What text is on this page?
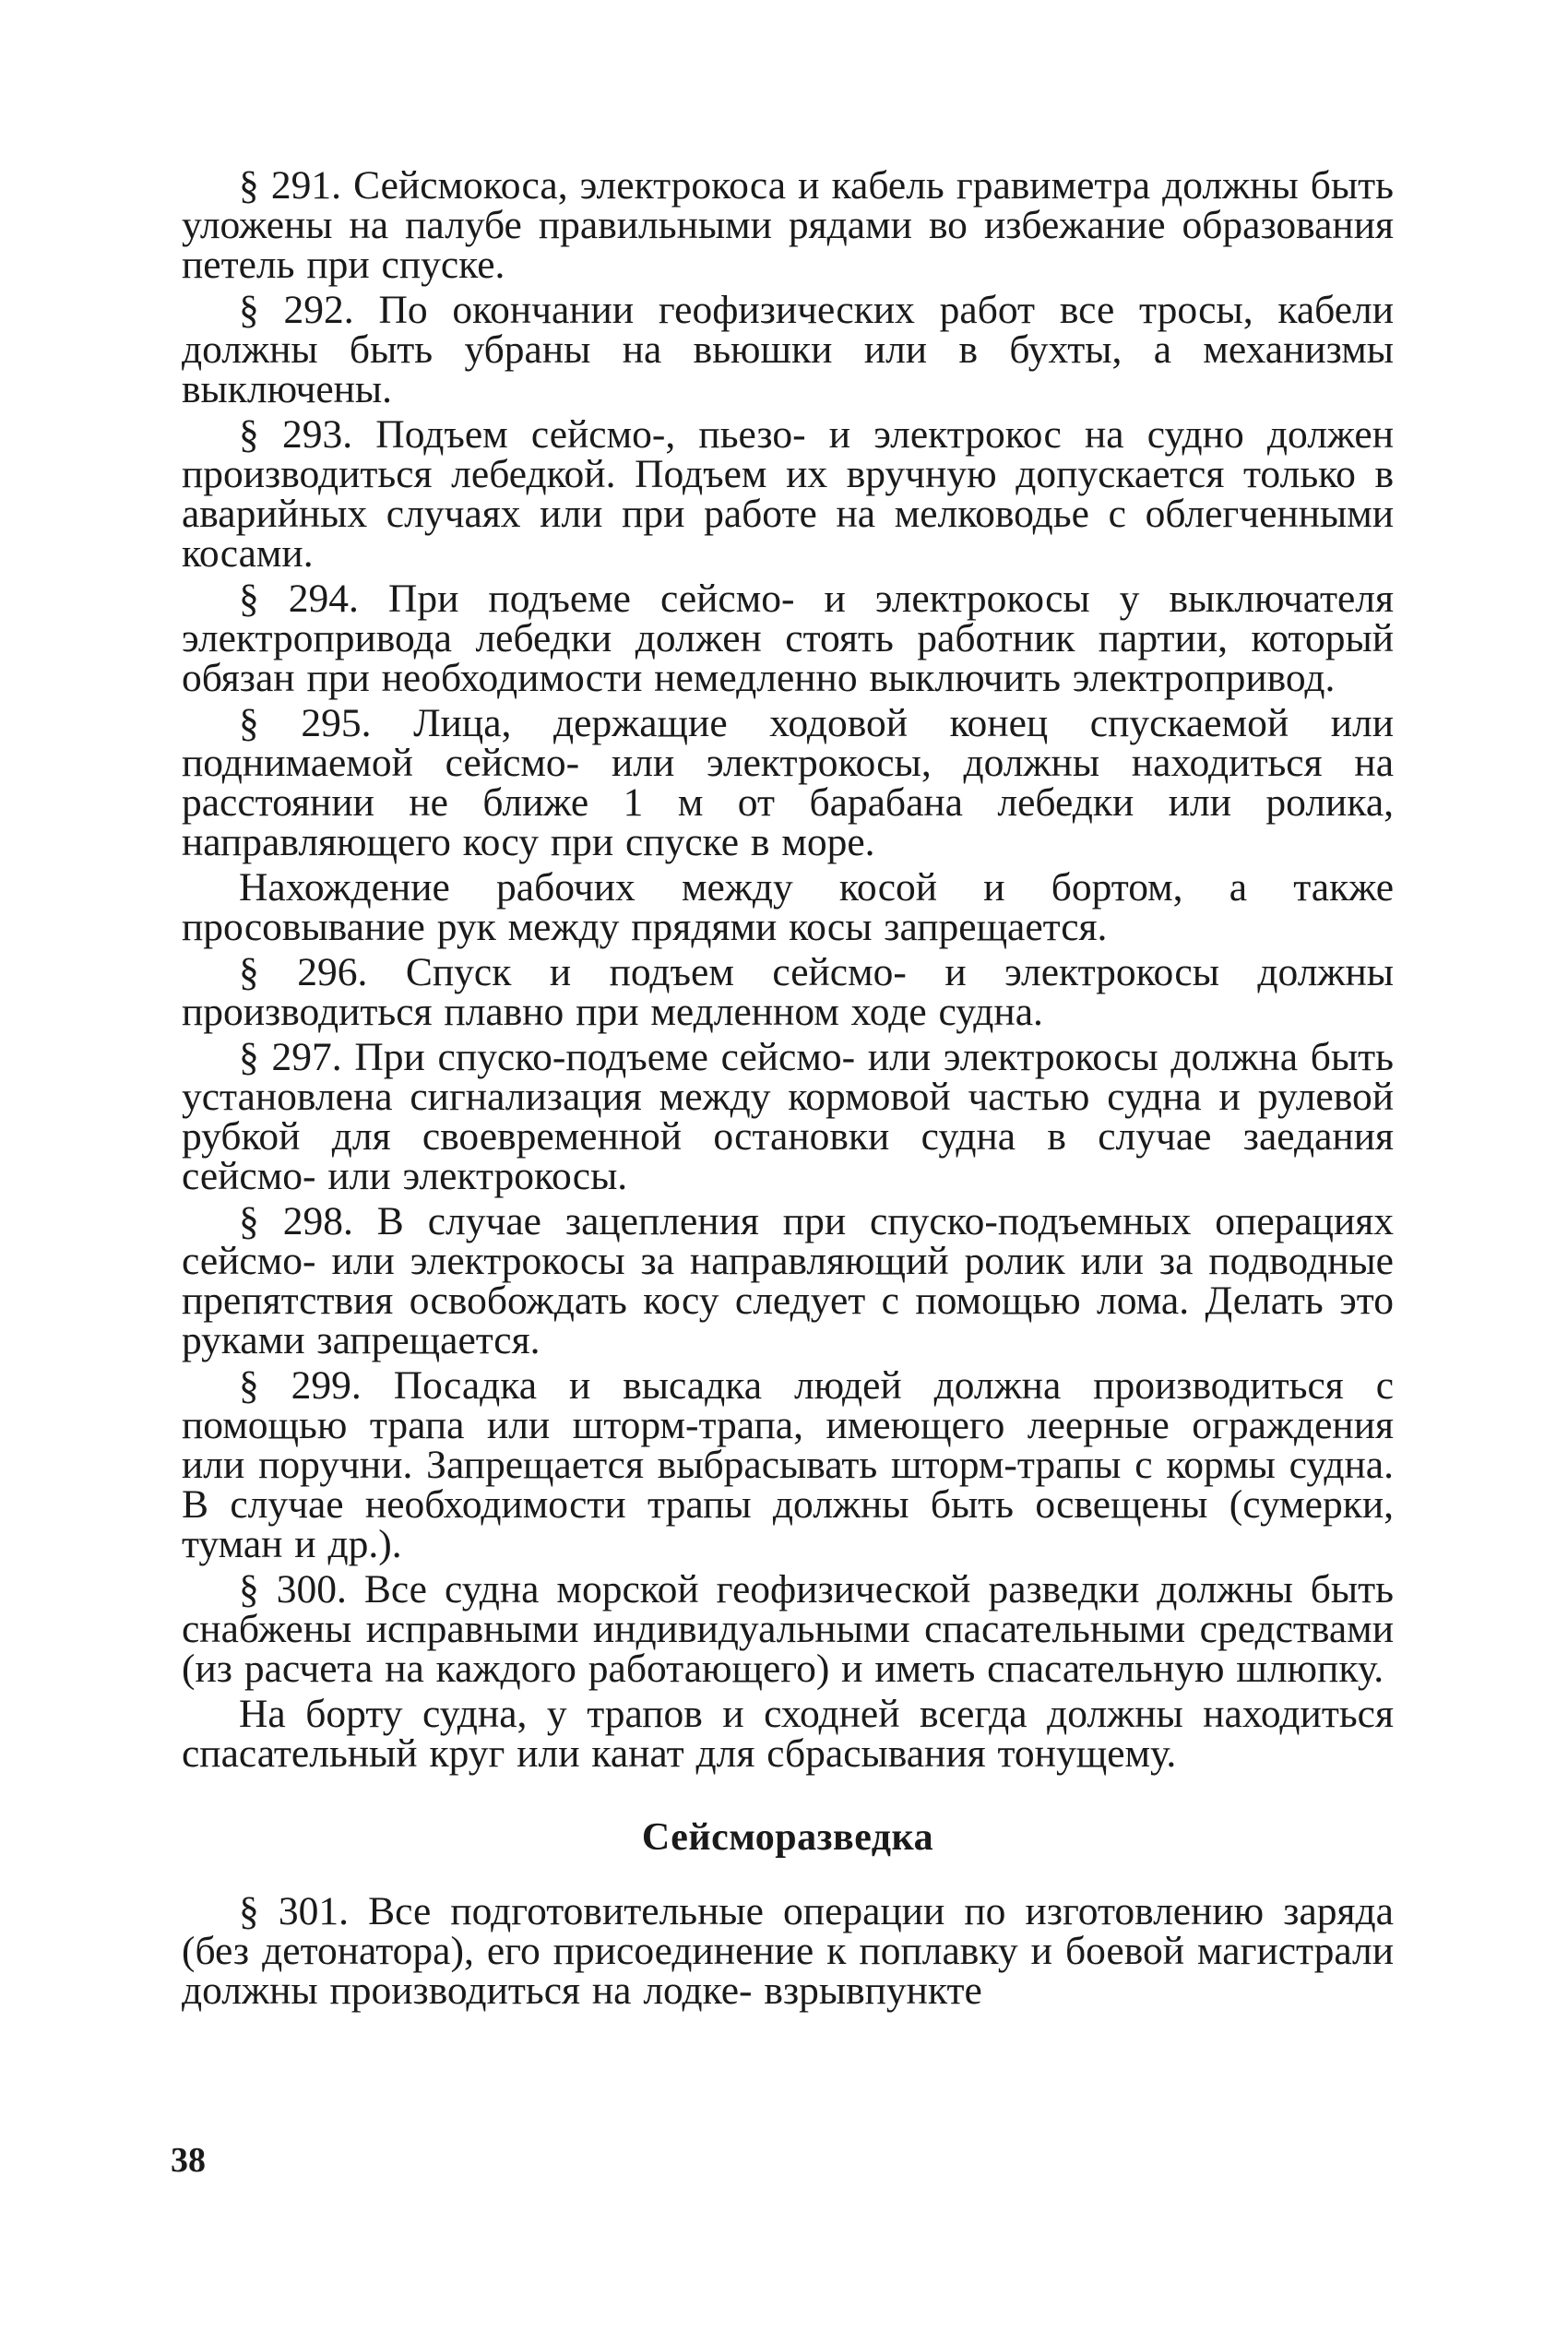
§ 291. Сейсмокоса, электрокоса и кабель гравиметра должны быть уложены на палубе правильными рядами во избежание образования петель при спуске.

§ 292. По окончании геофизических работ все тросы, кабели должны быть убраны на вьюшки или в бухты, а механизмы выключены.

§ 293. Подъем сейсмо-, пьезо- и электрокос на судно должен производиться лебедкой. Подъем их вручную допускается только в аварийных случаях или при работе на мелководье с облегченными косами.

§ 294. При подъеме сейсмо- и электрокосы у выключателя электропривода лебедки должен стоять работник партии, который обязан при необходимости немедленно выключить электропривод.

§ 295. Лица, держащие ходовой конец спускаемой или поднимаемой сейсмо- или электрокосы, должны находиться на расстоянии не ближе 1 м от барабана лебедки или ролика, направляющего косу при спуске в море.

Нахождение рабочих между косой и бортом, а также просовывание рук между прядями косы запрещается.

§ 296. Спуск и подъем сейсмо- и электрокосы должны производиться плавно при медленном ходе судна.

§ 297. При спуско-подъеме сейсмо- или электрокосы должна быть установлена сигнализация между кормовой частью судна и рулевой рубкой для своевременной остановки судна в случае заедания сейсмо- или электрокосы.

§ 298. В случае зацепления при спуско-подъемных операциях сейсмо- или электрокосы за направляющий ролик или за подводные препятствия освобождать косу следует с помощью лома. Делать это руками запрещается.

§ 299. Посадка и высадка людей должна производиться с помощью трапа или шторм-трапа, имеющего леерные ограждения или поручни. Запрещается выбрасывать шторм-трапы с кормы судна. В случае необходимости трапы должны быть освещены (сумерки, туман и др.).

§ 300. Все судна морской геофизической разведки должны быть снабжены исправными индивидуальными спасательными средствами (из расчета на каждого работающего) и иметь спасательную шлюпку.

На борту судна, у трапов и сходней всегда должны находиться спасательный круг или канат для сбрасывания тонущему.

Сейсморазведка

§ 301. Все подготовительные операции по изготовлению заряда (без детонатора), его присоединение к поплавку и боевой магистрали должны производиться на лодке- взрывпункте

38
